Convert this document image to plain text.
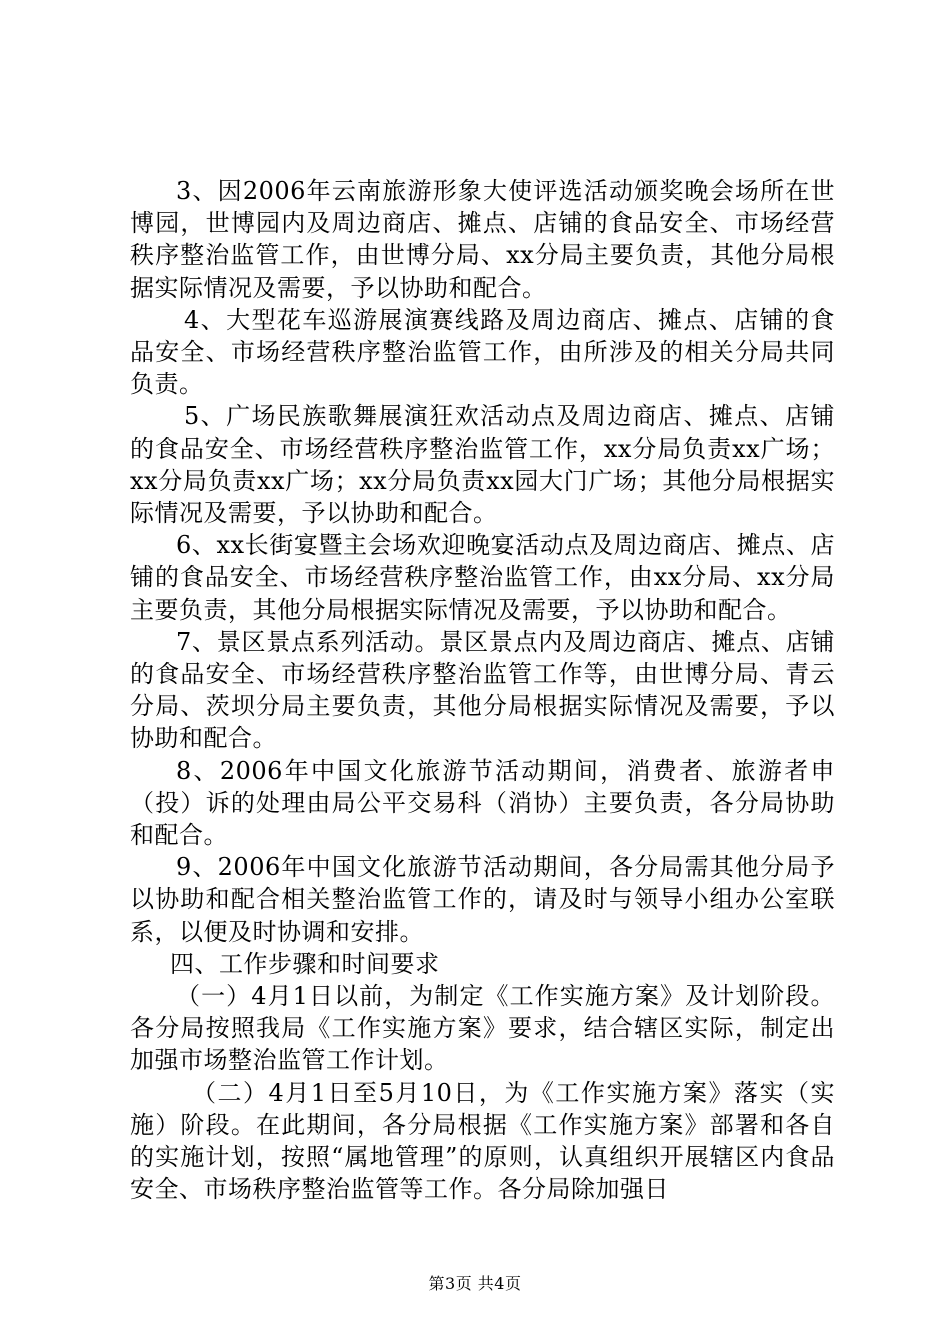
3、因2006年云南旅游形象大使评选活动颁奖晚会场所在世博园，世博园内及周边商店、摊点、店铺的食品安全、市场经营秩序整治监管工作，由世博分局、xx分局主要负责，其他分局根据实际情况及需要，予以协助和配合。

4、大型花车巡游展演赛线路及周边商店、摊点、店铺的食品安全、市场经营秩序整治监管工作，由所涉及的相关分局共同负责。

5、广场民族歌舞展演狂欢活动点及周边商店、摊点、店铺的食品安全、市场经营秩序整治监管工作，xx分局负责xx广场；xx分局负责xx广场；xx分局负责xx园大门广场；其他分局根据实际情况及需要，予以协助和配合。

6、xx长街宴暨主会场欢迎晚宴活动点及周边商店、摊点、店铺的食品安全、市场经营秩序整治监管工作，由xx分局、xx分局主要负责，其他分局根据实际情况及需要，予以协助和配合。

7、景区景点系列活动。景区景点内及周边商店、摊点、店铺的食品安全、市场经营秩序整治监管工作等，由世博分局、青云分局、茨坝分局主要负责，其他分局根据实际情况及需要，予以协助和配合。

8、2006年中国文化旅游节活动期间，消费者、旅游者申（投）诉的处理由局公平交易科（消协）主要负责，各分局协助和配合。

9、2006年中国文化旅游节活动期间，各分局需其他分局予以协助和配合相关整治监管工作的，请及时与领导小组办公室联系，以便及时协调和安排。

四、工作步骤和时间要求

（一）4月1日以前，为制定《工作实施方案》及计划阶段。各分局按照我局《工作实施方案》要求，结合辖区实际，制定出加强市场整治监管工作计划。

（二）4月1日至5月10日，为《工作实施方案》落实（实施）阶段。在此期间，各分局根据《工作实施方案》部署和各自的实施计划，按照“属地管理”的原则，认真组织开展辖区内食品安全、市场秩序整治监管等工作。各分局除加强日

第3页 共4页
